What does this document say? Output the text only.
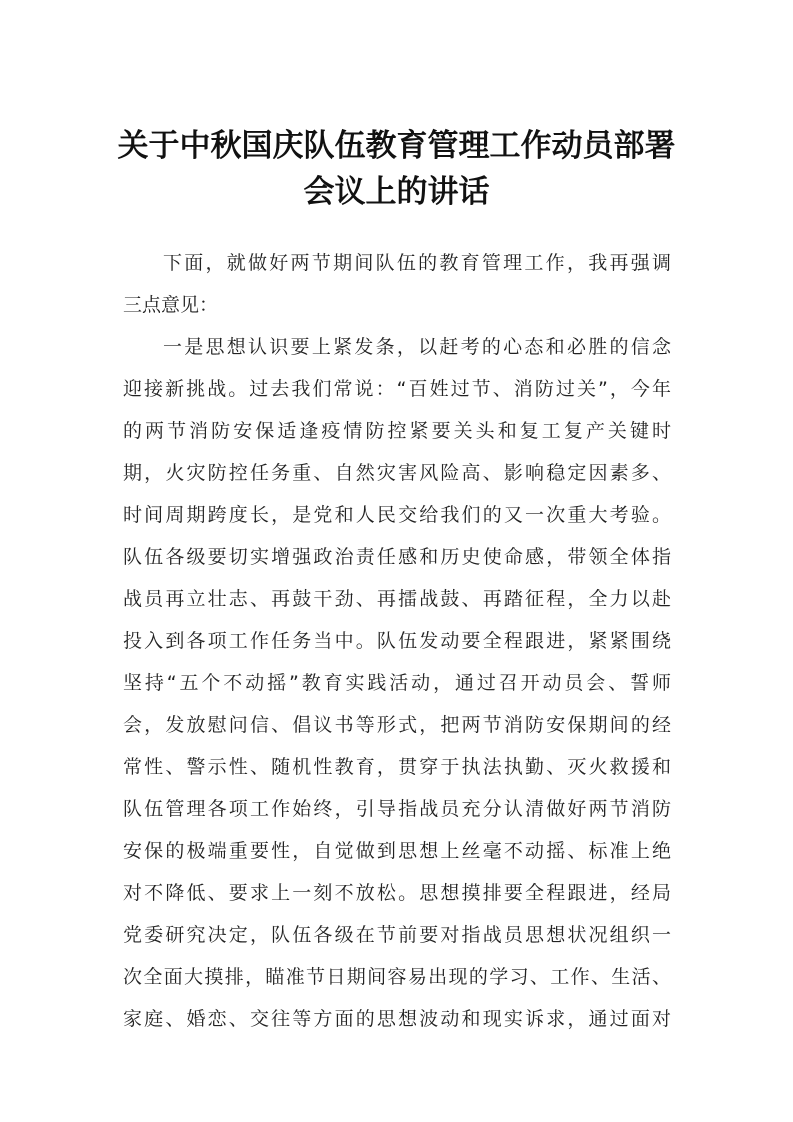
关于中秋国庆队伍教育管理工作动员部署
会议上的讲话
下面，就做好两节期间队伍的教育管理工作，我再强调
三点意见：
一是思想认识要上紧发条，以赶考的心态和必胜的信念
迎接新挑战。过去我们常说：“百姓过节、消防过关”，今年
的两节消防安保适逢疫情防控紧要关头和复工复产关键时
期，火灾防控任务重、自然灾害风险高、影响稳定因素多、
时间周期跨度长，是党和人民交给我们的又一次重大考验。
队伍各级要切实增强政治责任感和历史使命感，带领全体指
战员再立壮志、再鼓干劲、再擂战鼓、再踏征程，全力以赴
投入到各项工作任务当中。队伍发动要全程跟进，紧紧围绕
坚持“五个不动摇”教育实践活动，通过召开动员会、誓师
会，发放慰问信、倡议书等形式，把两节消防安保期间的经
常性、警示性、随机性教育，贯穿于执法执勤、灭火救援和
队伍管理各项工作始终，引导指战员充分认清做好两节消防
安保的极端重要性，自觉做到思想上丝毫不动摇、标准上绝
对不降低、要求上一刻不放松。思想摸排要全程跟进，经局
党委研究决定，队伍各级在节前要对指战员思想状况组织一
次全面大摸排，瞄准节日期间容易出现的学习、工作、生活、
家庭、婚恋、交往等方面的思想波动和现实诉求，通过面对
